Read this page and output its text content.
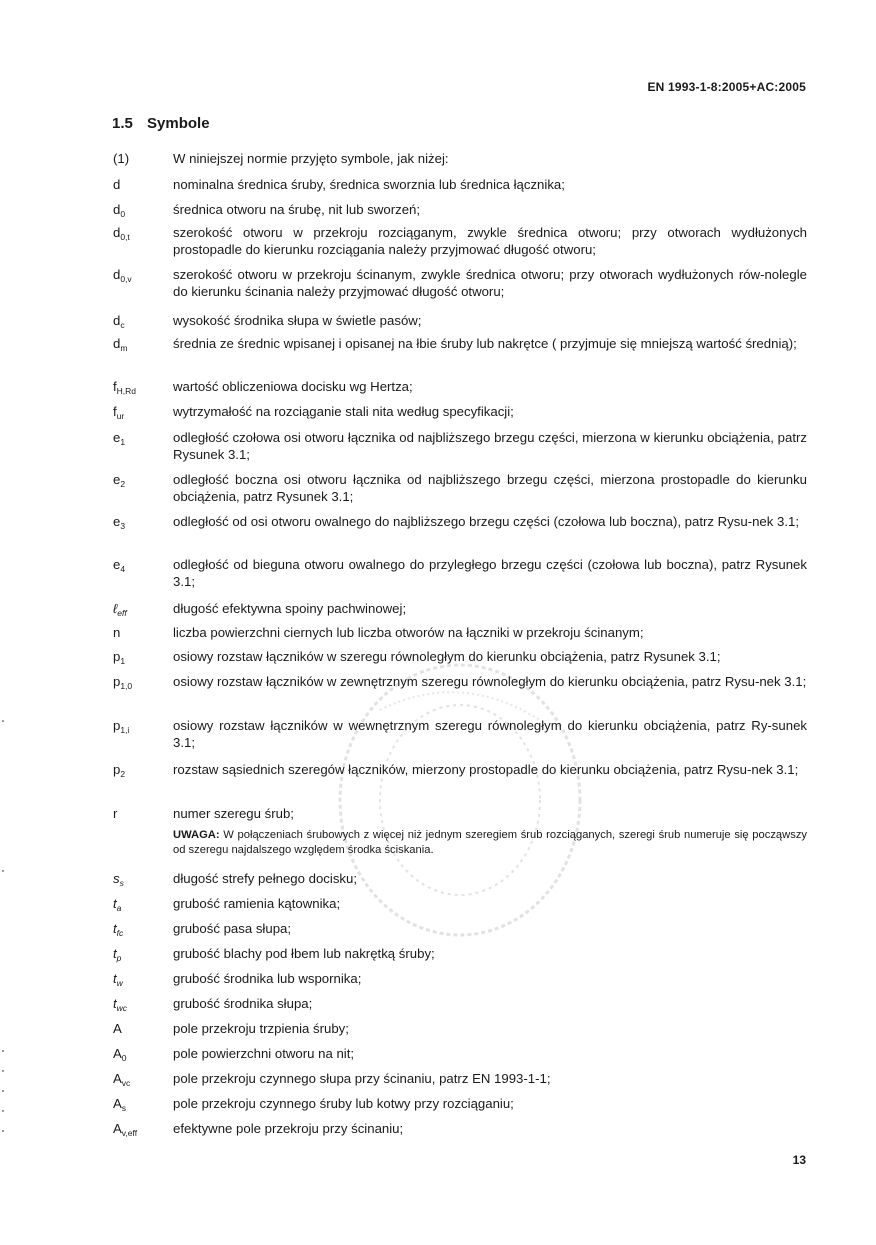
EN 1993-1-8:2005+AC:2005
1.5 Symbole
(1)	W niniejszej normie przyjęto symbole, jak niżej:
d	nominalna średnica śruby, średnica sworznia lub średnica łącznika;
$d_0$	średnica otworu na śrubę, nit lub sworzeń;
$d_{0,t}$	szerokość otworu w przekroju rozciąganym, zwykle średnica otworu; przy otworach wydłużonych prostopadle do kierunku rozciągania należy przyjmować długość otworu;
$d_{0,v}$	szerokość otworu w przekroju ścinanym, zwykle średnica otworu; przy otworach wydłużonych rów-nolegle do kierunku ścinania należy przyjmować długość otworu;
$d_c$	wysokość środnika słupa w świetle pasów;
$d_m$	średnia ze średnic wpisanej i opisanej na łbie śruby lub nakrętce ( przyjmuje się mniejszą wartość średnią);
$f_{H,Rd}$	wartość obliczeniowa docisku wg Hertza;
$f_{ur}$	wytrzymałość na rozciąganie stali nita według specyfikacji;
$e_1$	odległość czołowa osi otworu łącznika od najbliższego brzegu części, mierzona w kierunku obciążenia, patrz Rysunek 3.1;
$e_2$	odległość boczna osi otworu łącznika od najbliższego brzegu części, mierzona prostopadle do kierunku obciążenia, patrz Rysunek 3.1;
$e_3$	odległość od osi otworu owalnego do najbliższego brzegu części (czołowa lub boczna), patrz Rysu-nek 3.1;
$e_4$	odległość od bieguna otworu owalnego do przyległego brzegu części (czołowa lub boczna), patrz Rysunek 3.1;
ℓ$_{eff}$	długość efektywna spoiny pachwinowej;
n	liczba powierzchni ciernych lub liczba otworów na łączniki w przekroju ścinanym;
$p_1$	osiowy rozstaw łączników w szeregu równoległym do kierunku obciążenia, patrz Rysunek 3.1;
$p_{1,0}$	osiowy rozstaw łączników w zewnętrznym szeregu równoległym do kierunku obciążenia, patrz Rysu-nek 3.1;
$p_{1,i}$	osiowy rozstaw łączników w wewnętrznym szeregu równoległym do kierunku obciążenia, patrz Ry-sunek 3.1;
$p_2$	rozstaw sąsiednich szeregów łączników, mierzony prostopadle do kierunku obciążenia, patrz Rysu-nek 3.1;
r	numer szeregu śrub;
UWAGA: W połączeniach śrubowych z więcej niż jednym szeregiem śrub rozciąganych, szeregi śrub numeruje się począwszy od szeregu najdalszego względem środka ściskania.
$s_s$	długość strefy pełnego docisku;
$t_a$	grubość ramienia kątownika;
$t_{fc}$	grubość pasa słupa;
$t_p$	grubość blachy pod łbem lub nakrętką śruby;
$t_w$	grubość środnika lub wspornika;
$t_{wc}$	grubość środnika słupa;
A	pole przekroju trzpienia śruby;
$A_0$	pole powierzchni otworu na nit;
$A_{vc}$	pole przekroju czynnego słupa przy ścinaniu, patrz EN 1993-1-1;
$A_s$	pole przekroju czynnego śruby lub kotwy przy rozciąganiu;
$A_{v,eff}$	efektywne pole przekroju przy ścinaniu;
13
